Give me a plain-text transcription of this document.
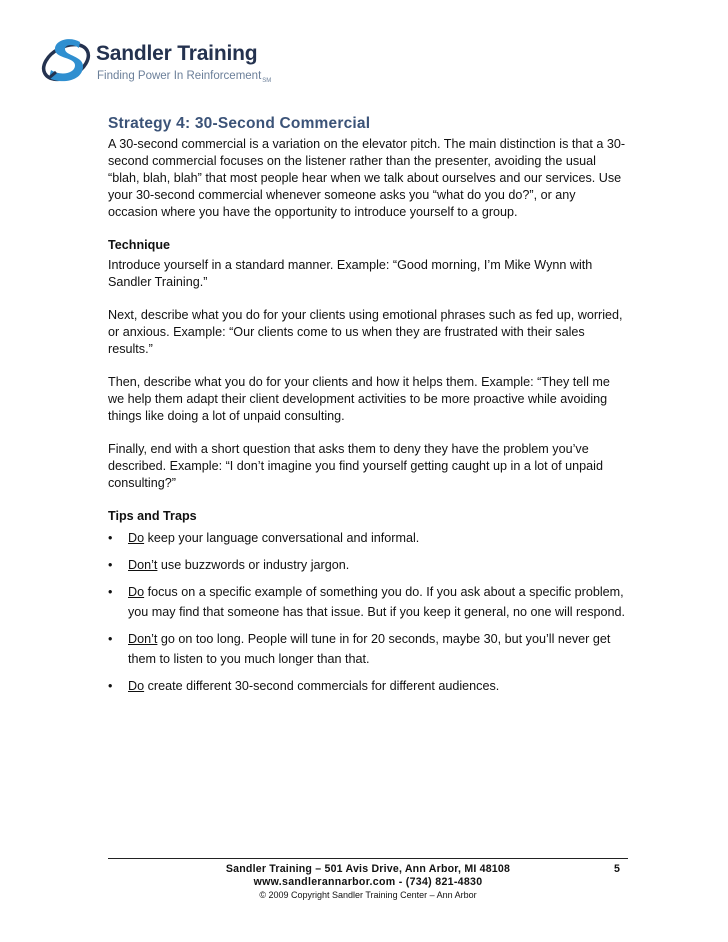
Sandler Training
Finding Power In Reinforcement$_{SM}$
Strategy 4: 30-Second Commercial

A 30-second commercial is a variation on the elevator pitch. The main distinction is that a 30-second commercial focuses on the listener rather than the presenter, avoiding the usual “blah, blah, blah” that most people hear when we talk about ourselves and our services. Use your 30-second commercial whenever someone asks you “what do you do?”, or any occasion where you have the opportunity to introduce yourself to a group.

Technique

Introduce yourself in a standard manner. Example: “Good morning, I’m Mike Wynn with Sandler Training.”

Next, describe what you do for your clients using emotional phrases such as fed up, worried, or anxious. Example: “Our clients come to us when they are frustrated with their sales results.”

Then, describe what you do for your clients and how it helps them. Example: “They tell me we help them adapt their client development activities to be more proactive while avoiding things like doing a lot of unpaid consulting.

Finally, end with a short question that asks them to deny they have the problem you’ve described. Example: “I don’t imagine you find yourself getting caught up in a lot of unpaid consulting?”

Tips and Traps
• Do keep your language conversational and informal.
• Don’t use buzzwords or industry jargon.
• Do focus on a specific example of something you do. If you ask about a specific problem, you may find that someone has that issue. But if you keep it general, no one will respond.
• Don’t go on too long. People will tune in for 20 seconds, maybe 30, but you’ll never get them to listen to you much longer than that.
• Do create different 30-second commercials for different audiences.
Sandler Training – 501 Avis Drive, Ann Arbor, MI 48108
www.sandlerannarbor.com - (734) 821-4830
© 2009 Copyright Sandler Training Center – Ann Arbor
5
